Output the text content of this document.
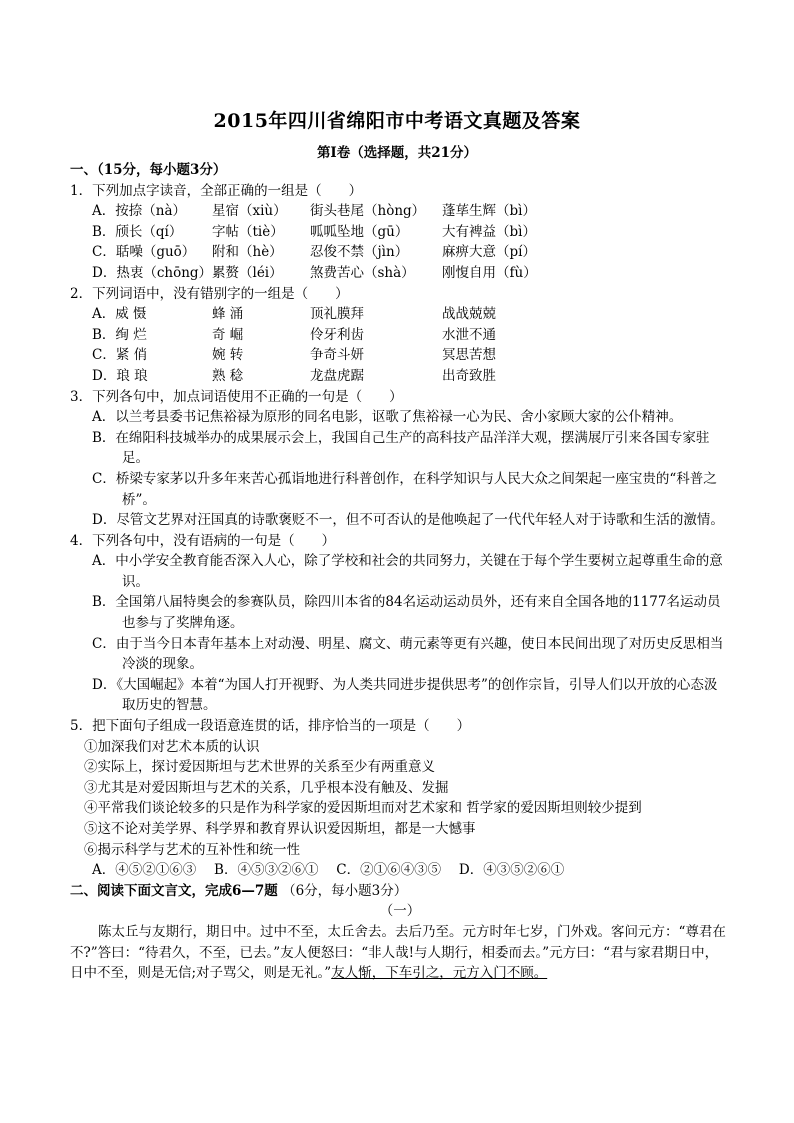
2015年四川省绵阳市中考语文真题及答案
第Ⅰ卷（选择题，共21分）
一、（15分，每小题3分）
1．下列加点字读音，全部正确的一组是（　　）
A．按捺（nà）	星宿（xiù）	街头巷尾（hòng）	蓬荜生辉（bì）
B．颀长（qí）	字帖（tiè）	呱呱坠地（gū）	大有裨益（bì）
C．聒噪（guō）	附和（hè）	忍俊不禁（jìn）	麻痹大意（pí）
D．热衷（chōng） 累赘（léi）	煞费苦心（shà）	刚愎自用（fù）
2．下列词语中，没有错别字的一组是（　　）
A．威 慑	蜂 涌	顶礼膜拜	战战兢兢
B．绚 烂	奇 崛	伶牙利齿	水泄不通
C．紧 俏	婉 转	争奇斗妍	冥思苦想
D．琅 琅	熟 稔	龙盘虎踞	出奇致胜
3．下列各句中，加点词语使用不正确的一句是（　　）
A．以兰考县委书记焦裕禄为原形的同名电影，讴歌了焦裕禄一心为民、舍小家顾大家的公仆精神。
B．在绵阳科技城举办的成果展示会上，我国自己生产的高科技产品洋洋大观，摆满展厅引来各国专家驻足。
C．桥梁专家茅以升多年来苦心孤诣地进行科普创作，在科学知识与人民大众之间架起一座宝贵的“科普之桥”。
D．尽管文艺界对汪国真的诗歌褒贬不一，但不可否认的是他唤起了一代代年轻人对于诗歌和生活的激情。
4．下列各句中，没有语病的一句是（　　）
A．中小学安全教育能否深入人心，除了学校和社会的共同努力，关键在于每个学生要树立起尊重生命的意识。
B．全国第八届特奥会的参赛队员，除四川本省的84名运动运动员外，还有来自全国各地的1177名运动员也参与了奖牌角逐。
C．由于当今日本青年基本上对动漫、明星、腐文、萌元素等更有兴趣，使日本民间出现了对历史反思相当冷淡的现象。
D．《大国崛起》本着“为国人打开视野、为人类共同进步提供思考”的创作宗旨，引导人们以开放的心态汲取历史的智慧。
5．把下面句子组成一段语意连贯的话，排序恰当的一项是（　　）
①加深我们对艺术本质的认识
②实际上，探讨爱因斯坦与艺术世界的关系至少有两重意义
③尤其是对爱因斯坦与艺术的关系，几乎根本没有触及、发掘
④平常我们谈论较多的只是作为科学家的爱因斯坦而对艺术家和 哲学家的爱因斯坦则较少提到
⑤这不论对美学界、科学界和教育界认识爱因斯坦，都是一大憾事
⑥揭示科学与艺术的互补性和统一性
A．④⑤②①⑥③　 B．④⑤③②⑥①　 C．②①⑥④③⑤　 D．④③⑤②⑥①
二、阅读下面文言文，完成6—7题 （6分，每小题3分）
（一）
陈太丘与友期行，期日中。过中不至，太丘舍去。去后乃至。元方时年七岁，门外戏。客问元方：“尊君在不?”答曰：“待君久，不至，已去。”友人便怒曰：“非人哉!与人期行，相委而去。”元方曰：“君与家君期日中，日中不至，则是无信;对子骂父，则是无礼。”友人惭，下车引之，元方入门不顾。
